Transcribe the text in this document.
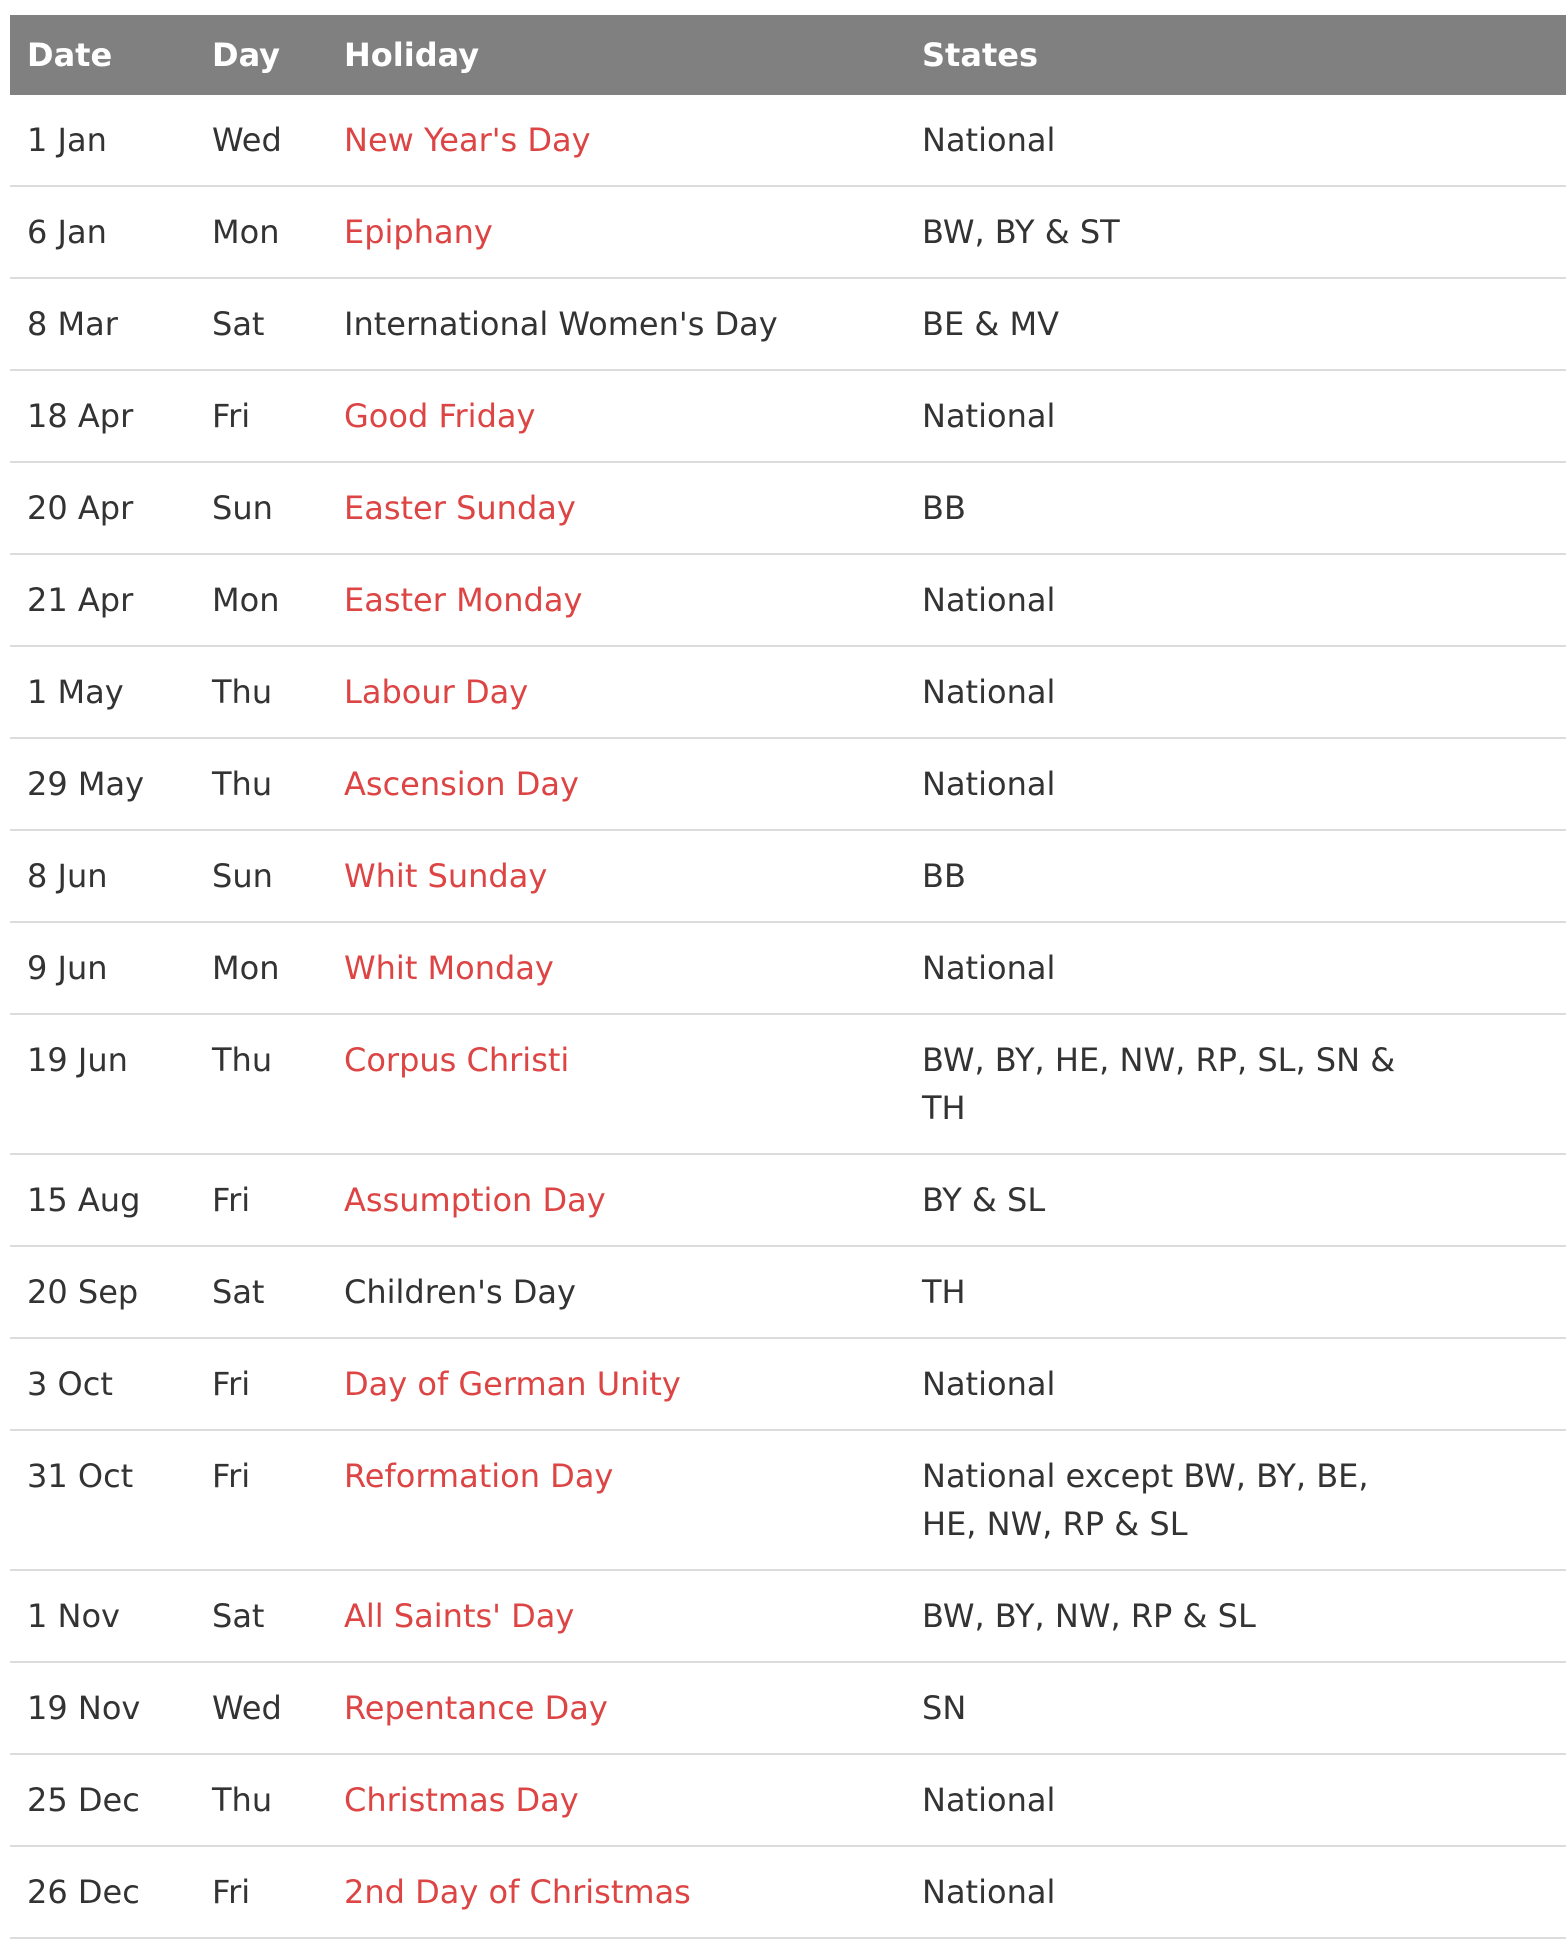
Date	Day	Holiday	States
1 Jan	Wed	New Year's Day	National
6 Jan	Mon	Epiphany	BW, BY & ST
8 Mar	Sat	International Women's Day	BE & MV
18 Apr	Fri	Good Friday	National
20 Apr	Sun	Easter Sunday	BB
21 Apr	Mon	Easter Monday	National
1 May	Thu	Labour Day	National
29 May	Thu	Ascension Day	National
8 Jun	Sun	Whit Sunday	BB
9 Jun	Mon	Whit Monday	National
19 Jun	Thu	Corpus Christi	BW, BY, HE, NW, RP, SL, SN & TH
15 Aug	Fri	Assumption Day	BY & SL
20 Sep	Sat	Children's Day	TH
3 Oct	Fri	Day of German Unity	National
31 Oct	Fri	Reformation Day	National except BW, BY, BE, HE, NW, RP & SL
1 Nov	Sat	All Saints' Day	BW, BY, NW, RP & SL
19 Nov	Wed	Repentance Day	SN
25 Dec	Thu	Christmas Day	National
26 Dec	Fri	2nd Day of Christmas	National
